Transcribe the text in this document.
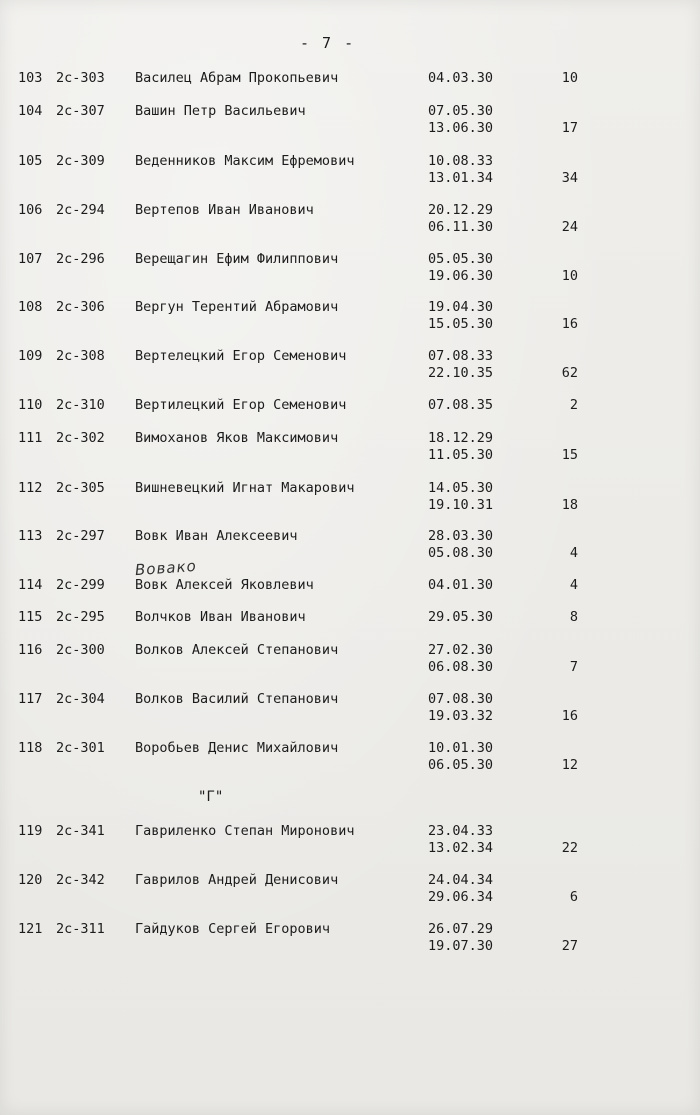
- 7 -
103 2с-303 Василец Абрам Прокопьевич	04.03.30	10
104 2с-307 Вашин Петр Васильевич	07.05.30
13.06.30	17
105 2с-309 Веденников Максим Ефремович	10.08.33
13.01.34	34
106 2с-294 Вертепов Иван Иванович	20.12.29
06.11.30	24
107 2с-296 Верещагин Ефим Филиппович	05.05.30
19.06.30	10
108 2с-306 Вергун Терентий Абрамович	19.04.30
15.05.30	16
109 2с-308 Вертелецкий Егор Семенович	07.08.33
22.10.35	62
110 2с-310 Вертилецкий Егор Семенович	07.08.35	2
111 2с-302 Вимоханов Яков Максимович	18.12.29
11.05.30	15
112 2с-305 Вишневецкий Игнат Макарович	14.05.30
19.10.31	18
113 2с-297 Вовк Иван Алексеевич	28.03.30
05.08.30	4
114 2с-299 Вовк Алексей Яковлевич	04.01.30	4
115 2с-295 Волчков Иван Иванович	29.05.30	8
116 2с-300 Волков Алексей Степанович	27.02.30
06.08.30	7
117 2с-304 Волков Василий Степанович	07.08.30
19.03.32	16
118 2с-301 Воробьев Денис Михайлович	10.01.30
06.05.30	12
119 2с-341 Гавриленко Степан Миронович	23.04.33
13.02.34	22
120 2с-342 Гаврилов Андрей Денисович	24.04.34
29.06.34	6
121 2с-311 Гайдуков Сергей Егорович	26.07.29
19.07.30	27
Вовако
"Г"
